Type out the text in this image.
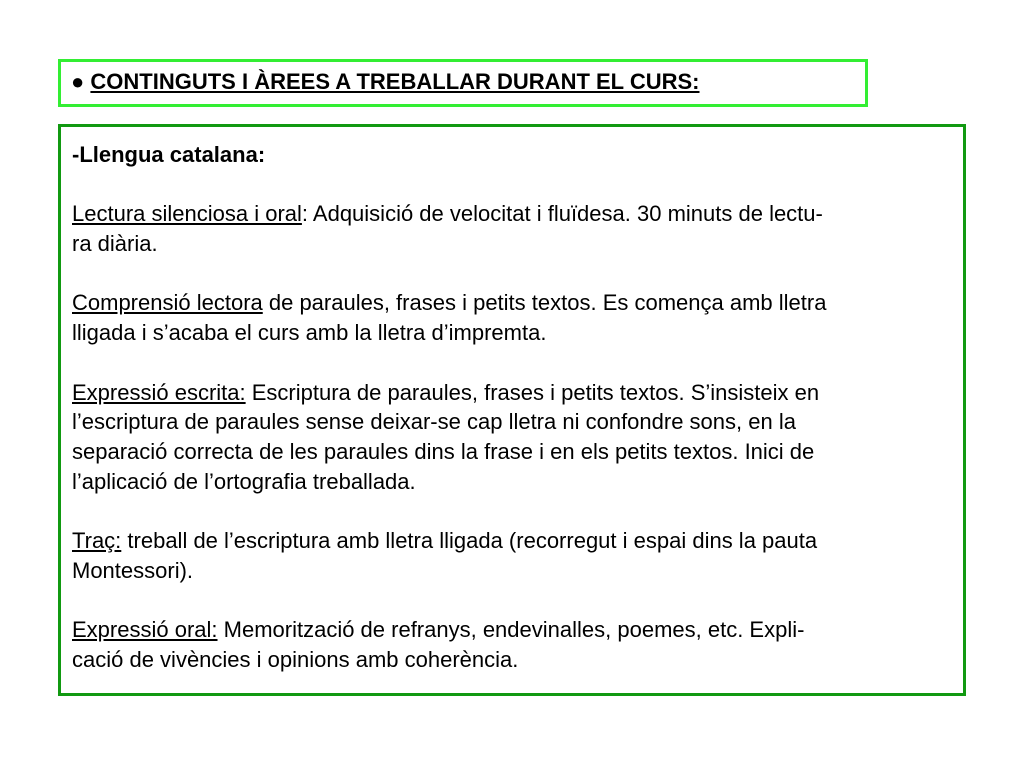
● CONTINGUTS I ÀREES A TREBALLAR DURANT EL CURS:

-Llengua catalana:

Lectura silenciosa i oral: Adquisició de velocitat i fluïdesa. 30 minuts de lectu-
ra diària.

Comprensió lectora de paraules, frases i petits textos. Es comença amb lletra
lligada i s’acaba el curs amb la lletra d’impremta.

Expressió escrita: Escriptura de paraules, frases i petits textos. S’insisteix en
l’escriptura de paraules sense deixar-se cap lletra ni confondre sons, en la
separació correcta de les paraules dins la frase i en els petits textos. Inici de
l’aplicació de l’ortografia treballada.

Traç: treball de l’escriptura amb lletra lligada (recorregut i espai dins la pauta
Montessori).

Expressió oral: Memorització de refranys, endevinalles, poemes, etc. Expli-
cació de vivències i opinions amb coherència.
